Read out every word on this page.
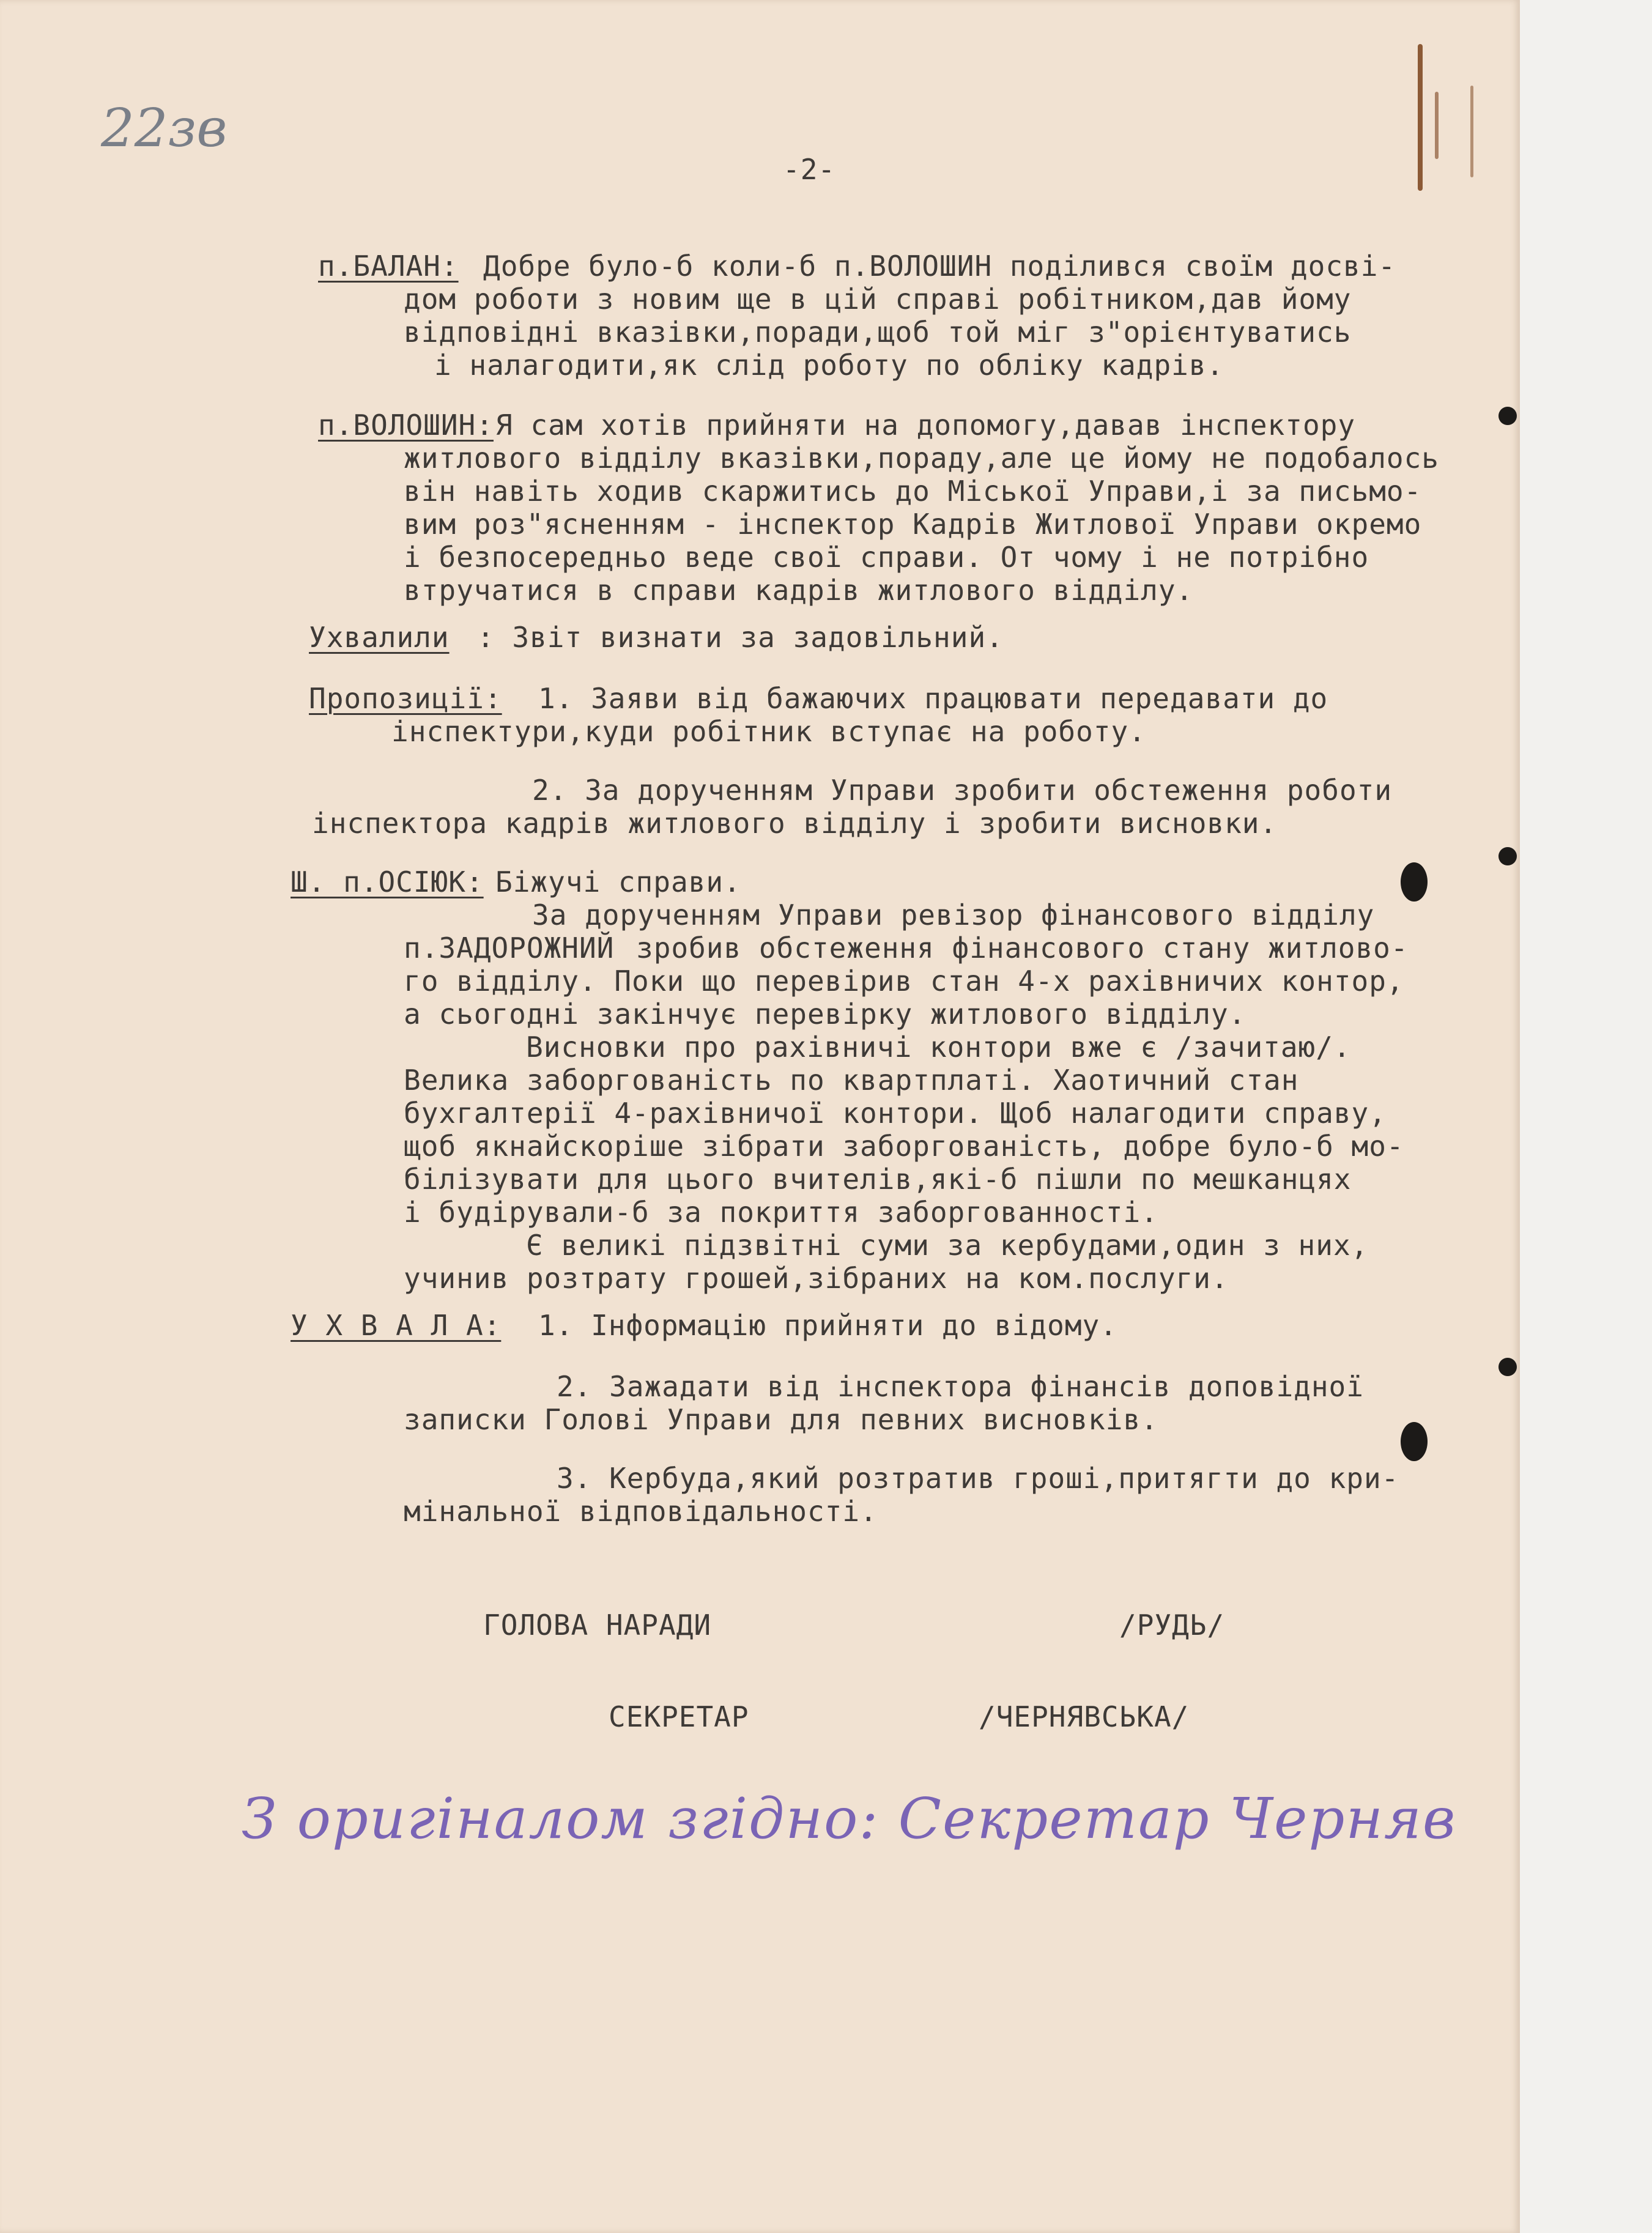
22зв
-2-
п.БАЛАН: Добре було-б коли-б п.ВОЛОШИН поділився своїм досві-
дом роботи з новим ще в цій справі робітником,дав йому
відповідні вказівки,поради,щоб той міг з"орієнтуватись
і налагодити,як слід роботу по обліку кадрів.
п.ВОЛОШИН: Я сам хотів прийняти на допомогу,давав інспектору
житлового відділу вказівки,пораду,але це йому не подобалось
він навіть ходив скаржитись до Міської Управи,і за письмо-
вим роз"ясненням - інспектор Кадрів Житлової Управи окремо
і безпосередньо веде свої справи. От чому і не потрібно
втручатися в справи кадрів житлового відділу.
Ухвалили : Звіт визнати за задовільний.
Пропозиції: 1. Заяви від бажаючих працювати передавати до
інспектури,куди робітник вступає на роботу.
2. За дорученням Управи зробити обстеження роботи
інспектора кадрів житлового відділу і зробити висновки.
Ш. п.ОСІЮК: Біжучі справи.
За дорученням Управи ревізор фінансового відділу
п.ЗАДОРОЖНИЙ зробив обстеження фінансового стану житлово-
го відділу. Поки що перевірив стан 4-х рахівничих контор,
а сьогодні закінчує перевірку житлового відділу.
Висновки про рахівничі контори вже є /зачитаю/.
Велика заборгованість по квартплаті. Хаотичний стан
бухгалтерії 4-рахівничої контори. Щоб налагодити справу,
щоб якнайскоріше зібрати заборгованість, добре було-б мо-
білізувати для цього вчителів,які-б пішли по мешканцях
і будірували-б за покриття заборгованності.
Є великі підзвітні суми за кербудами,один з них,
учинив розтрату грошей,зібраних на ком.послуги.
У Х В А Л А: 1. Інформацію прийняти до відому.
2. Зажадати від інспектора фінансів доповідної
записки Голові Управи для певних висновків.
3. Кербуда,який розтратив гроші,притягти до кри-
мінальної відповідальності.
ГОЛОВА НАРАДИ	/РУДЬ/
СЕКРЕТАР	/ЧЕРНЯВСЬКА/
З оригіналом згідно: Секретар Черняв
